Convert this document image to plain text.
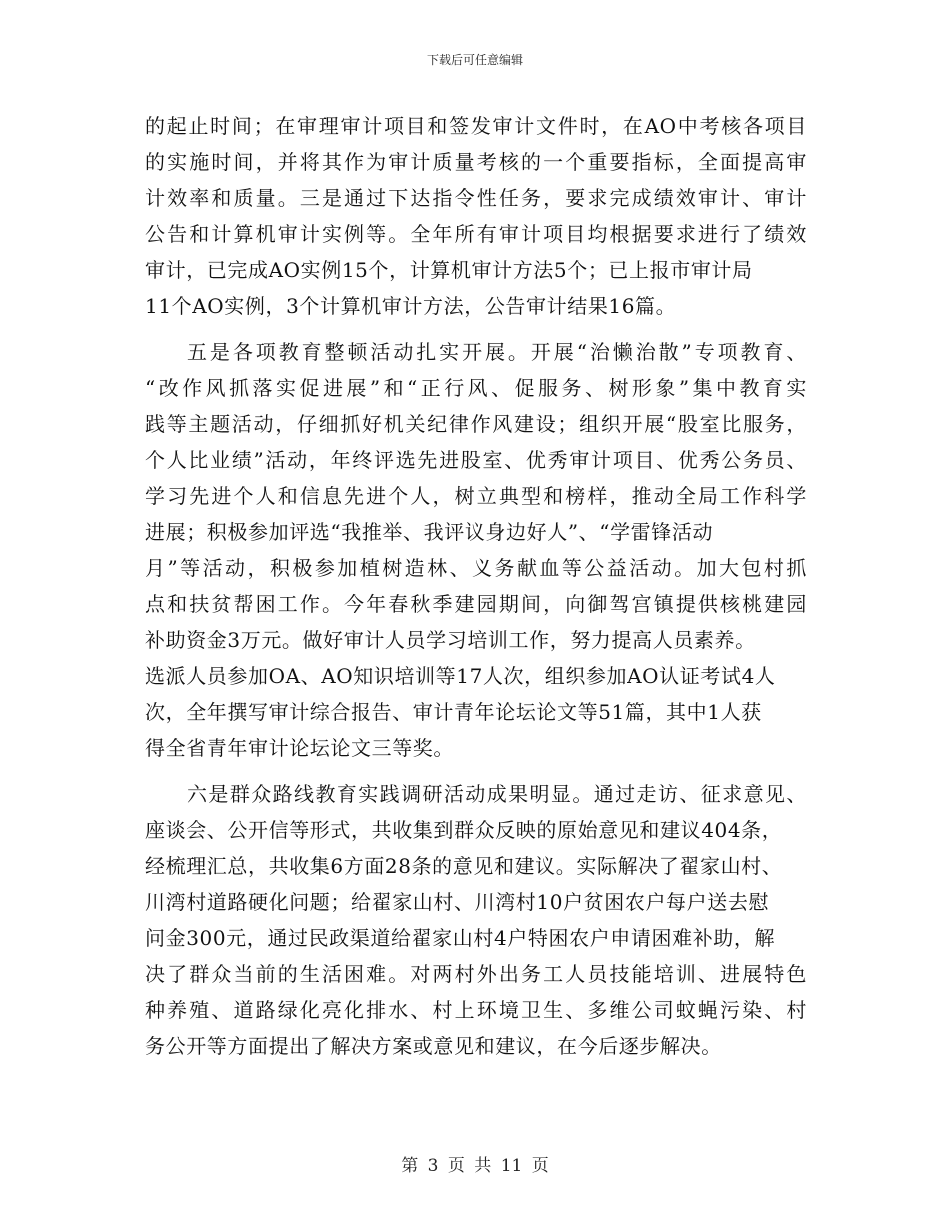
下载后可任意编辑
的起止时间；在审理审计项目和签发审计文件时，在AO中考核各项目
的实施时间，并将其作为审计质量考核的一个重要指标，全面提高审
计效率和质量。三是通过下达指令性任务，要求完成绩效审计、审计
公告和计算机审计实例等。全年所有审计项目均根据要求进行了绩效
审计，已完成AO实例15个，计算机审计方法5个；已上报市审计局
11个AO实例，3个计算机审计方法，公告审计结果16篇。
五是各项教育整顿活动扎实开展。开展“治懒治散”专项教育、
“改作风抓落实促进展”和“正行风、促服务、树形象”集中教育实
践等主题活动，仔细抓好机关纪律作风建设；组织开展“股室比服务，
个人比业绩”活动，年终评选先进股室、优秀审计项目、优秀公务员、
学习先进个人和信息先进个人，树立典型和榜样，推动全局工作科学
进展；积极参加评选“我推举、我评议身边好人”、“学雷锋活动
月”等活动，积极参加植树造林、义务献血等公益活动。加大包村抓
点和扶贫帮困工作。今年春秋季建园期间，向御驾宫镇提供核桃建园
补助资金3万元。做好审计人员学习培训工作，努力提高人员素养。
选派人员参加OA、AO知识培训等17人次，组织参加AO认证考试4人
次，全年撰写审计综合报告、审计青年论坛论文等51篇，其中1人获
得全省青年审计论坛论文三等奖。
六是群众路线教育实践调研活动成果明显。通过走访、征求意见、
座谈会、公开信等形式，共收集到群众反映的原始意见和建议404条，
经梳理汇总，共收集6方面28条的意见和建议。实际解决了翟家山村、
川湾村道路硬化问题；给翟家山村、川湾村10户贫困农户每户送去慰
问金300元，通过民政渠道给翟家山村4户特困农户申请困难补助，解
决了群众当前的生活困难。对两村外出务工人员技能培训、进展特色
种养殖、道路绿化亮化排水、村上环境卫生、多维公司蚊蝇污染、村
务公开等方面提出了解决方案或意见和建议，在今后逐步解决。
第 3 页 共 11 页
